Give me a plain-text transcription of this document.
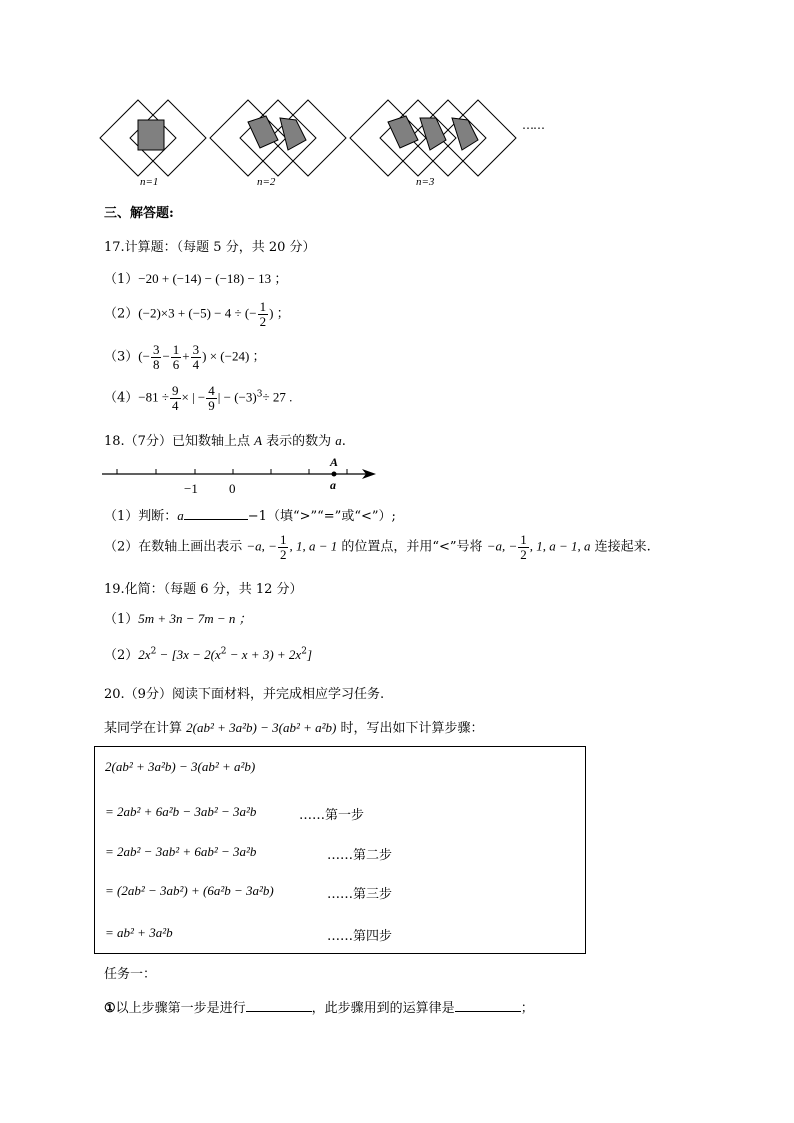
……
n=1	n=2	n=3
三、解答题:
17.计算题：（每题 5 分，共 20 分）
（1）−20 + (−14) − (−18) − 13 ；
（2）(−2)×3 + (−5) − 4 ÷ (− $\frac{1}{2}$ ) ；
$(3)(- \frac{3}{8} - \frac{1}{6} + \frac{3}{4}$ ) × (−24) ；
$(4)-81 \div \frac{9}{4}$ × | − $\frac{4}{9}$ | − $(-3)^3\div 27$ .
18.（7分）已知数轴上点 A 表示的数为 a.
A
a
−1 0
（1）判断：a	−1（填“>”“=”或“<”）;
（2）在数轴上画出表示 −a, − $\frac{1}{2}$ , 1, a − 1 的位置点，并用“<”号将 −a, − $\frac{1}{2}$ , 1, a − 1, a 连接起来.
19.化简：（每题 6 分，共 12 分）
（1）5m + 3n − 7m − n ；
$(2)2x^2 - [3x - 2(x^2 - x + 3) + 2x^2]$
20.（9分）阅读下面材料，并完成相应学习任务.
某同学在计算 2(ab² + 3a²b) − 3(ab² + a²b) 时，写出如下计算步骤：
2(ab² + 3a²b) − 3(ab² + a²b)
= 2ab² + 6a²b − 3ab² − 3a²b	……第一步
= 2ab² − 3ab² + 6ab² − 3a²b	……第二步
= (2ab² − 3ab²) + (6a²b − 3a²b)	……第三步
= ab² + 3a²b	……第四步
任务一：
①以上步骤第一步是进行	，此步骤用到的运算律是	；
